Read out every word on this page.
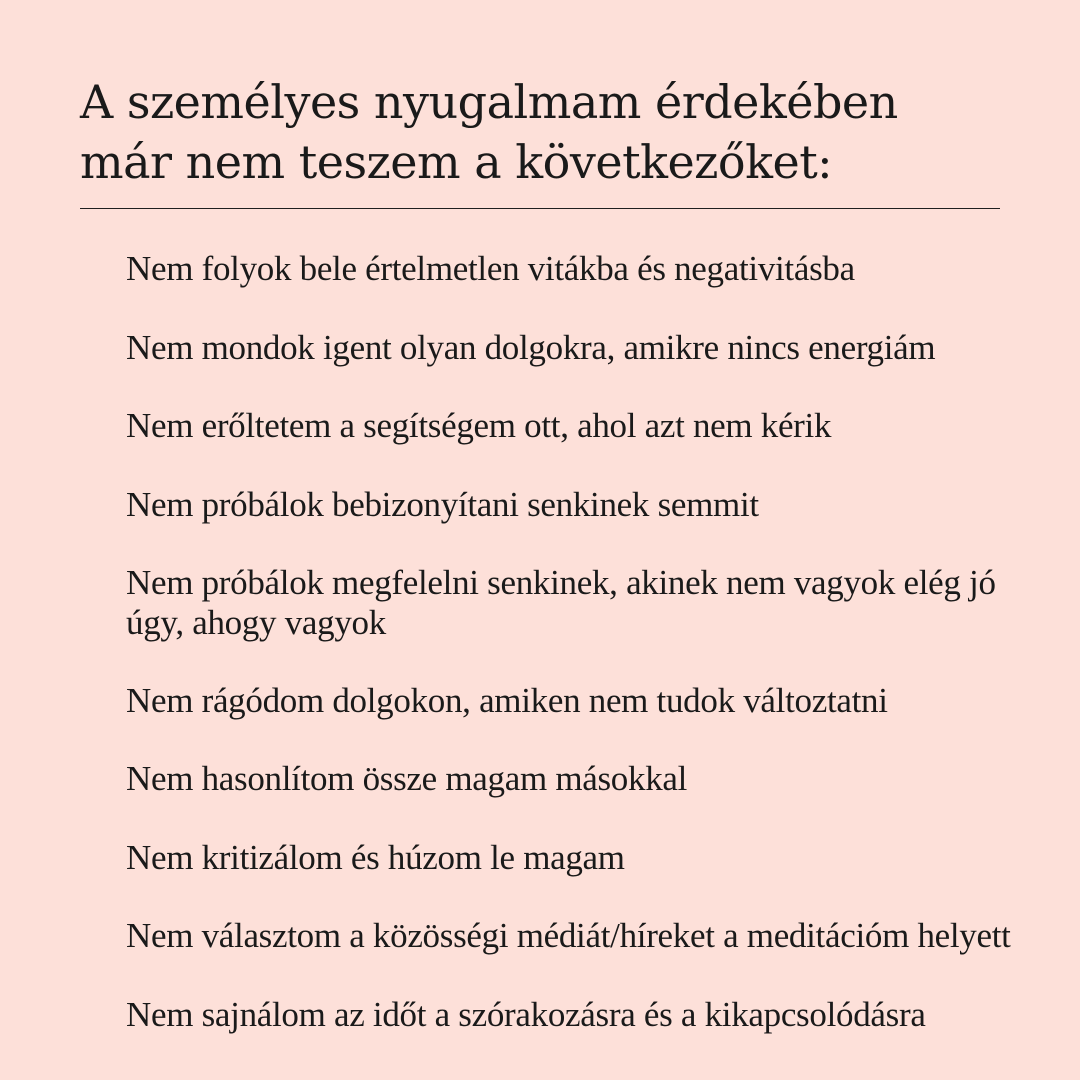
A személyes nyugalmam érdekében
már nem teszem a következőket:
Nem folyok bele értelmetlen vitákba és negativitásba
Nem mondok igent olyan dolgokra, amikre nincs energiám
Nem erőltetem a segítségem ott, ahol azt nem kérik
Nem próbálok bebizonyítani senkinek semmit
Nem próbálok megfelelni senkinek, akinek nem vagyok elég jó úgy, ahogy vagyok
Nem rágódom dolgokon, amiken nem tudok változtatni
Nem hasonlítom össze magam másokkal
Nem kritizálom és húzom le magam
Nem választom a közösségi médiát/híreket a meditációm helyett
Nem sajnálom az időt a szórakozásra és a kikapcsolódásra
